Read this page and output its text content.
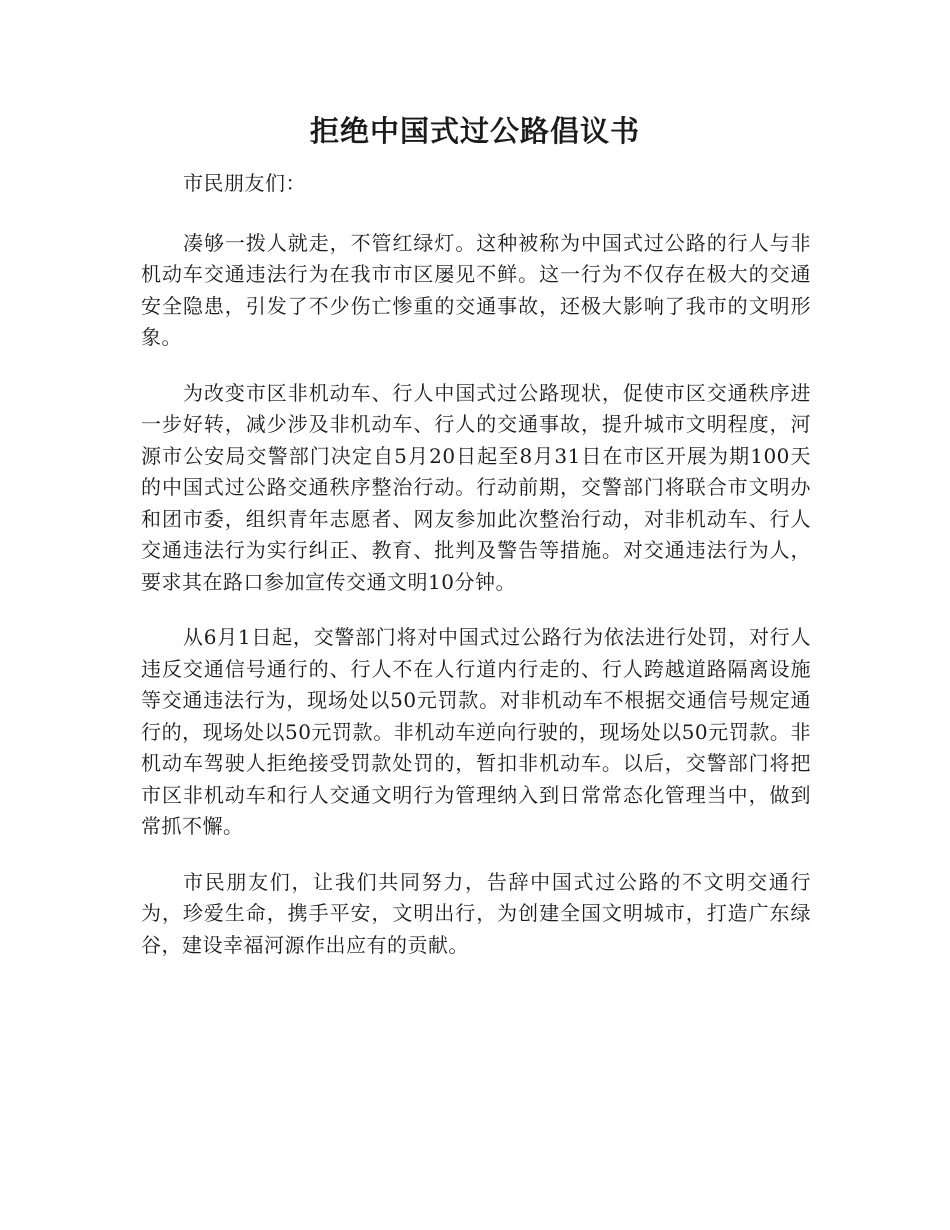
拒绝中国式过公路倡议书

市民朋友们：

凑够一拨人就走，不管红绿灯。这种被称为中国式过公路的行人与非机动车交通违法行为在我市市区屡见不鲜。这一行为不仅存在极大的交通安全隐患，引发了不少伤亡惨重的交通事故，还极大影响了我市的文明形象。

为改变市区非机动车、行人中国式过公路现状，促使市区交通秩序进一步好转，减少涉及非机动车、行人的交通事故，提升城市文明程度，河源市公安局交警部门决定自5月20日起至8月31日在市区开展为期100天的中国式过公路交通秩序整治行动。行动前期，交警部门将联合市文明办和团市委，组织青年志愿者、网友参加此次整治行动，对非机动车、行人交通违法行为实行纠正、教育、批判及警告等措施。对交通违法行为人，要求其在路口参加宣传交通文明10分钟。

从6月1日起，交警部门将对中国式过公路行为依法进行处罚，对行人违反交通信号通行的、行人不在人行道内行走的、行人跨越道路隔离设施等交通违法行为，现场处以50元罚款。对非机动车不根据交通信号规定通行的，现场处以50元罚款。非机动车逆向行驶的，现场处以50元罚款。非机动车驾驶人拒绝接受罚款处罚的，暂扣非机动车。以后，交警部门将把市区非机动车和行人交通文明行为管理纳入到日常常态化管理当中，做到常抓不懈。

市民朋友们，让我们共同努力，告辞中国式过公路的不文明交通行为，珍爱生命，携手平安，文明出行，为创建全国文明城市，打造广东绿谷，建设幸福河源作出应有的贡献。
